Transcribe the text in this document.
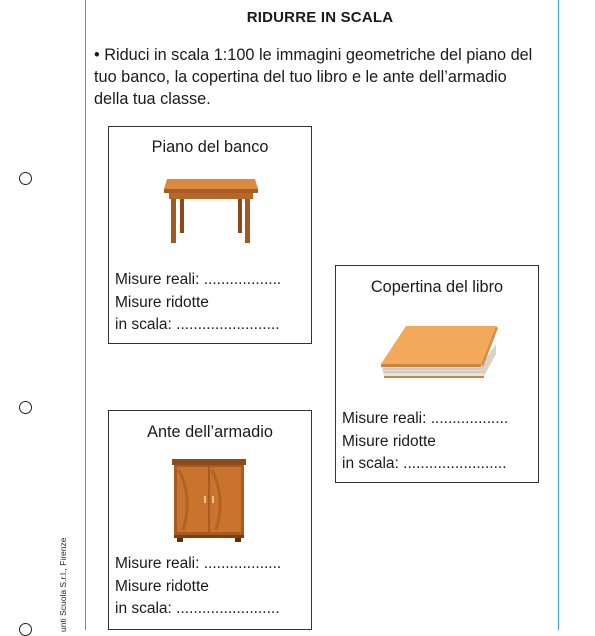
unti Scuola S.r.l., Firenze
RIDURRE IN SCALA
• Riduci in scala 1:100 le immagini geometriche del piano del tuo banco, la copertina del tuo libro e le ante dell’armadio della tua classe.
Piano del banco
Misure reali: ..................
Misure ridotte
in scala: ........................
Copertina del libro
Misure reali: ..................
Misure ridotte
in scala: ........................
Ante dell’armadio
Misure reali: ..................
Misure ridotte
in scala: ........................
